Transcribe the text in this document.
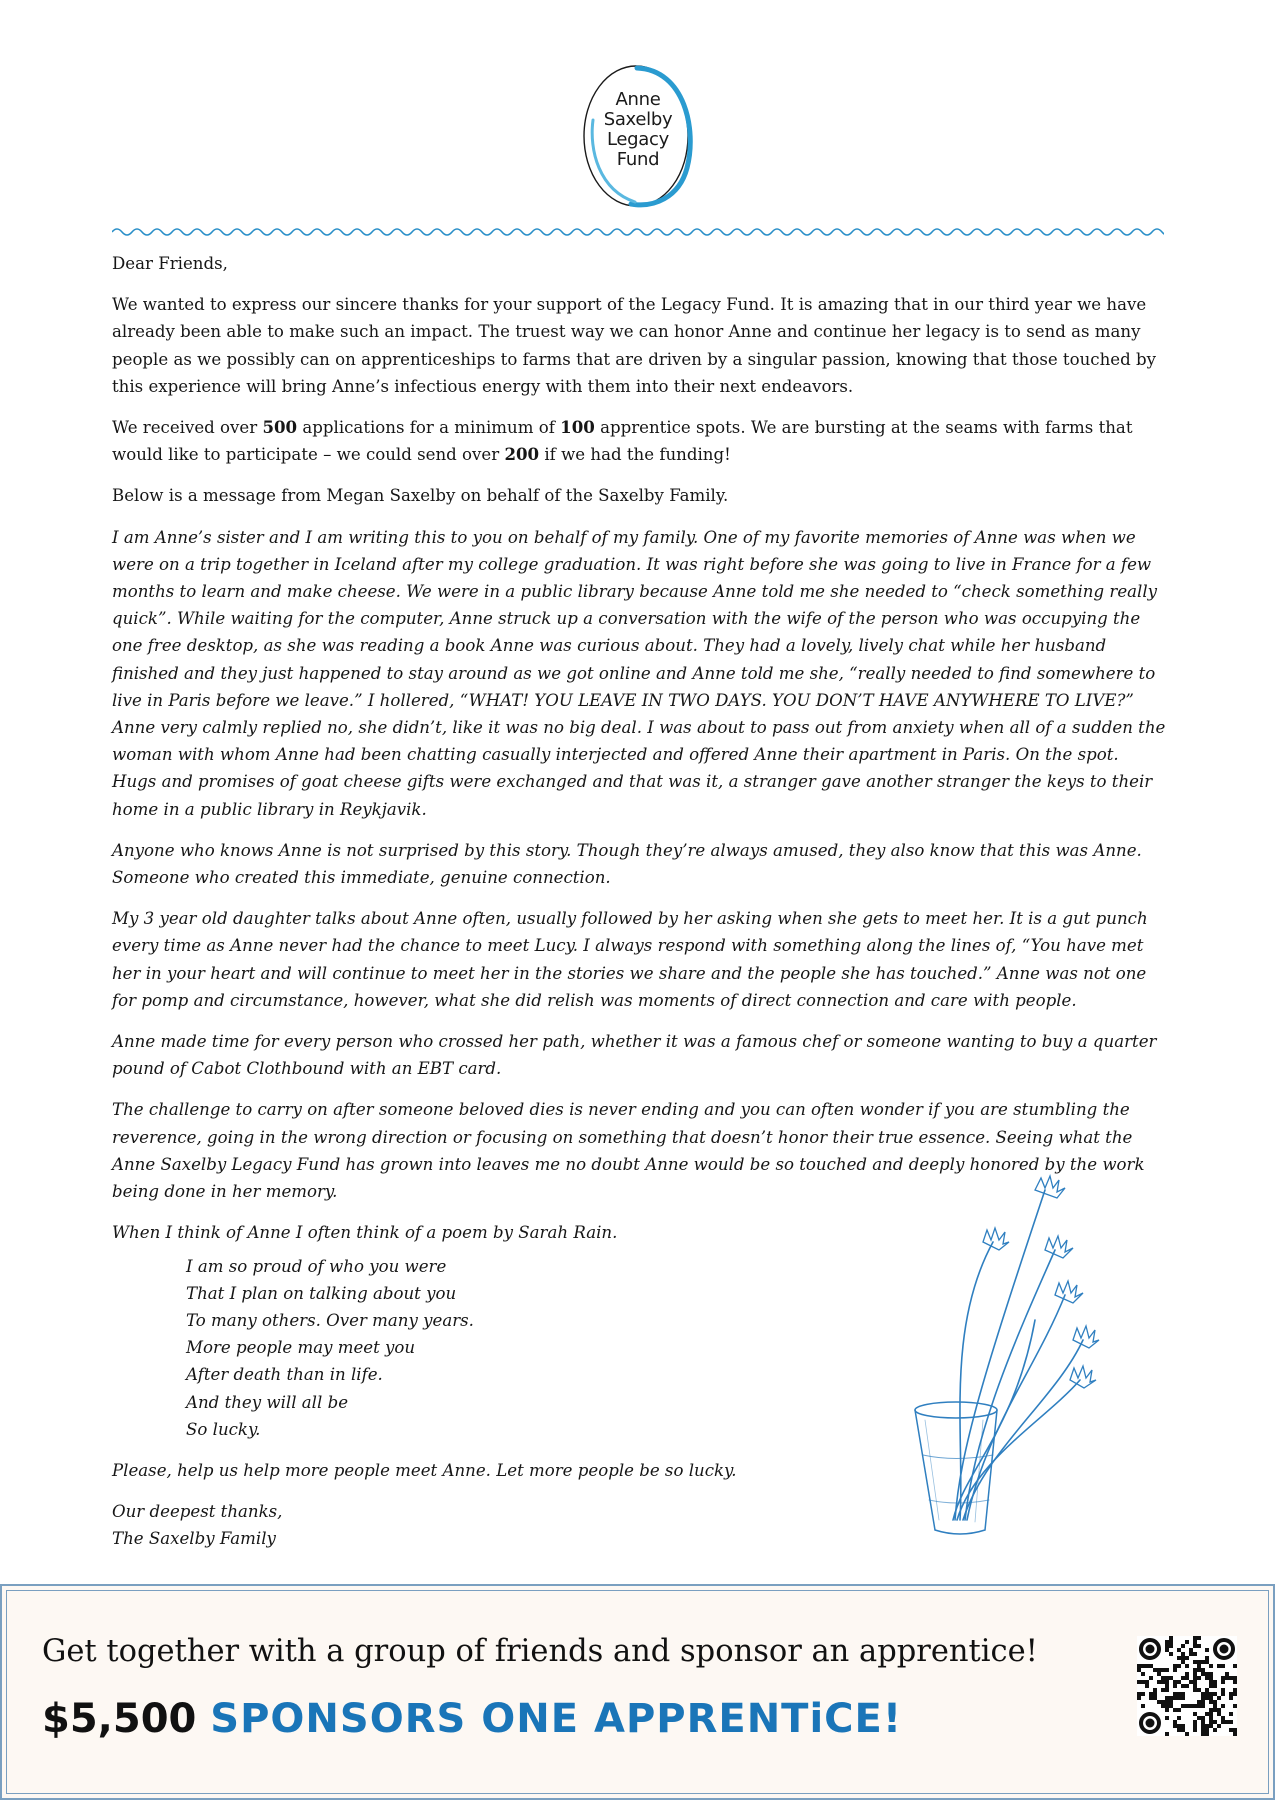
Anne
Saxelby
Legacy
Fund

Dear Friends,

We wanted to express our sincere thanks for your support of the Legacy Fund. It is amazing that in our third year we have already been able to make such an impact. The truest way we can honor Anne and continue her legacy is to send as many people as we possibly can on apprenticeships to farms that are driven by a singular passion, knowing that those touched by this experience will bring Anne’s infectious energy with them into their next endeavors.

We received over 500 applications for a minimum of 100 apprentice spots. We are bursting at the seams with farms that would like to participate – we could send over 200 if we had the funding!

Below is a message from Megan Saxelby on behalf of the Saxelby Family.

I am Anne’s sister and I am writing this to you on behalf of my family. One of my favorite memories of Anne was when we were on a trip together in Iceland after my college graduation. It was right before she was going to live in France for a few months to learn and make cheese. We were in a public library because Anne told me she needed to “check something really quick”. While waiting for the computer, Anne struck up a conversation with the wife of the person who was occupying the one free desktop, as she was reading a book Anne was curious about. They had a lovely, lively chat while her husband finished and they just happened to stay around as we got online and Anne told me she, “really needed to find somewhere to live in Paris before we leave.” I hollered, “WHAT! YOU LEAVE IN TWO DAYS. YOU DON’T HAVE ANYWHERE TO LIVE?” Anne very calmly replied no, she didn’t, like it was no big deal. I was about to pass out from anxiety when all of a sudden the woman with whom Anne had been chatting casually interjected and offered Anne their apartment in Paris. On the spot. Hugs and promises of goat cheese gifts were exchanged and that was it, a stranger gave another stranger the keys to their home in a public library in Reykjavik.

Anyone who knows Anne is not surprised by this story. Though they’re always amused, they also know that this was Anne. Someone who created this immediate, genuine connection.

My 3 year old daughter talks about Anne often, usually followed by her asking when she gets to meet her. It is a gut punch every time as Anne never had the chance to meet Lucy. I always respond with something along the lines of, “You have met her in your heart and will continue to meet her in the stories we share and the people she has touched.” Anne was not one for pomp and circumstance, however, what she did relish was moments of direct connection and care with people.

Anne made time for every person who crossed her path, whether it was a famous chef or someone wanting to buy a quarter pound of Cabot Clothbound with an EBT card.

The challenge to carry on after someone beloved dies is never ending and you can often wonder if you are stumbling the reverence, going in the wrong direction or focusing on something that doesn’t honor their true essence. Seeing what the Anne Saxelby Legacy Fund has grown into leaves me no doubt Anne would be so touched and deeply honored by the work being done in her memory.

When I think of Anne I often think of a poem by Sarah Rain.

I am so proud of who you were
That I plan on talking about you
To many others. Over many years.
More people may meet you
After death than in life.
And they will all be
So lucky.

Please, help us help more people meet Anne. Let more people be so lucky.

Our deepest thanks,
The Saxelby Family
Get together with a group of friends and sponsor an apprentice!
$5,500 SPONSORS ONE APPRENTiCE!
